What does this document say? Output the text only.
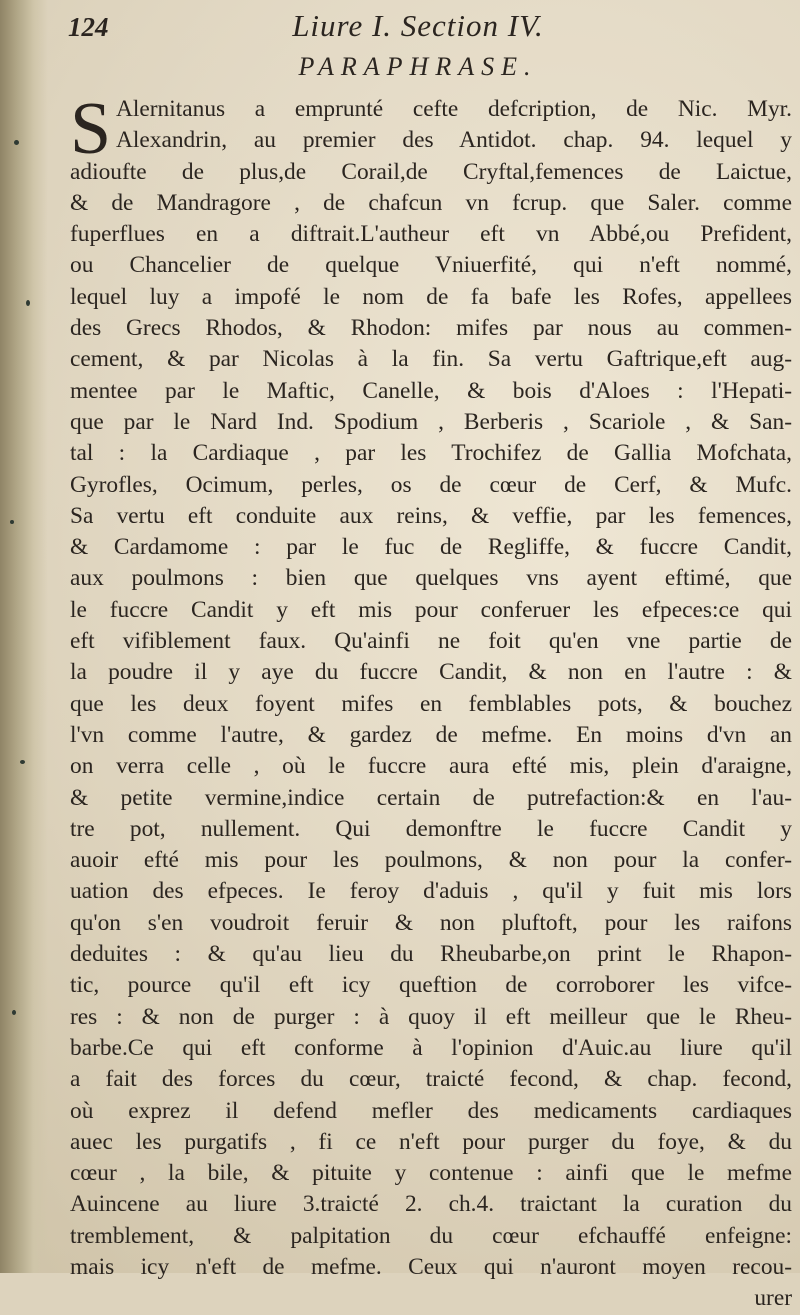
124	Liure I. Section IV.
PARAPHRASE.
S Alernitanus a emprunté cefte defcription, de Nic. Myr.
Alexandrin, au premier des Antidot. chap. 94. lequel y
adioufte de plus,de Corail,de Cryftal,femences de Laictue,
& de Mandragore , de chafcun vn fcrup. que Saler. comme
fuperflues en a diftrait.L'autheur eft vn Abbé,ou Prefident,
ou Chancelier de quelque Vniuerfité, qui n'eft nommé,
lequel luy a impofé le nom de fa bafe les Rofes, appellees
des Grecs Rhodos, & Rhodon: mifes par nous au commen-
cement, & par Nicolas à la fin. Sa vertu Gaftrique,eft aug-
mentee par le Maftic, Canelle, & bois d'Aloes : l'Hepati-
que par le Nard Ind. Spodium , Berberis , Scariole , & San-
tal : la Cardiaque , par les Trochifez de Gallia Mofchata,
Gyrofles, Ocimum, perles, os de cœur de Cerf, & Mufc.
Sa vertu eft conduite aux reins, & veffie, par les femences,
& Cardamome : par le fuc de Regliffe, & fuccre Candit,
aux poulmons : bien que quelques vns ayent eftimé, que
le fuccre Candit y eft mis pour conferuer les efpeces:ce qui
eft vifiblement faux. Qu'ainfi ne foit qu'en vne partie de
la poudre il y aye du fuccre Candit, & non en l'autre : &
que les deux foyent mifes en femblables pots, & bouchez
l'vn comme l'autre, & gardez de mefme. En moins d'vn an
on verra celle , où le fuccre aura efté mis, plein d'araigne,
& petite vermine,indice certain de putrefaction:& en l'au-
tre pot, nullement. Qui demonftre le fuccre Candit y
auoir efté mis pour les poulmons, & non pour la confer-
uation des efpeces. Ie feroy d'aduis , qu'il y fuit mis lors
qu'on s'en voudroit feruir & non pluftoft, pour les raifons
deduites : & qu'au lieu du Rheubarbe,on print le Rhapon-
tic, pource qu'il eft icy queftion de corroborer les vifce-
res : & non de purger : à quoy il eft meilleur que le Rheu-
barbe.Ce qui eft conforme à l'opinion d'Auic.au liure qu'il
a fait des forces du cœur, traicté fecond, & chap. fecond,
où exprez il defend mefler des medicaments cardiaques
auec les purgatifs , fi ce n'eft pour purger du foye, & du
cœur , la bile, & pituite y contenue : ainfi que le mefme
Auincene au liure 3.traicté 2. ch.4. traictant la curation du
tremblement, & palpitation du cœur efchauffé enfeigne:
mais icy n'eft de mefme. Ceux qui n'auront moyen recou-
urer
